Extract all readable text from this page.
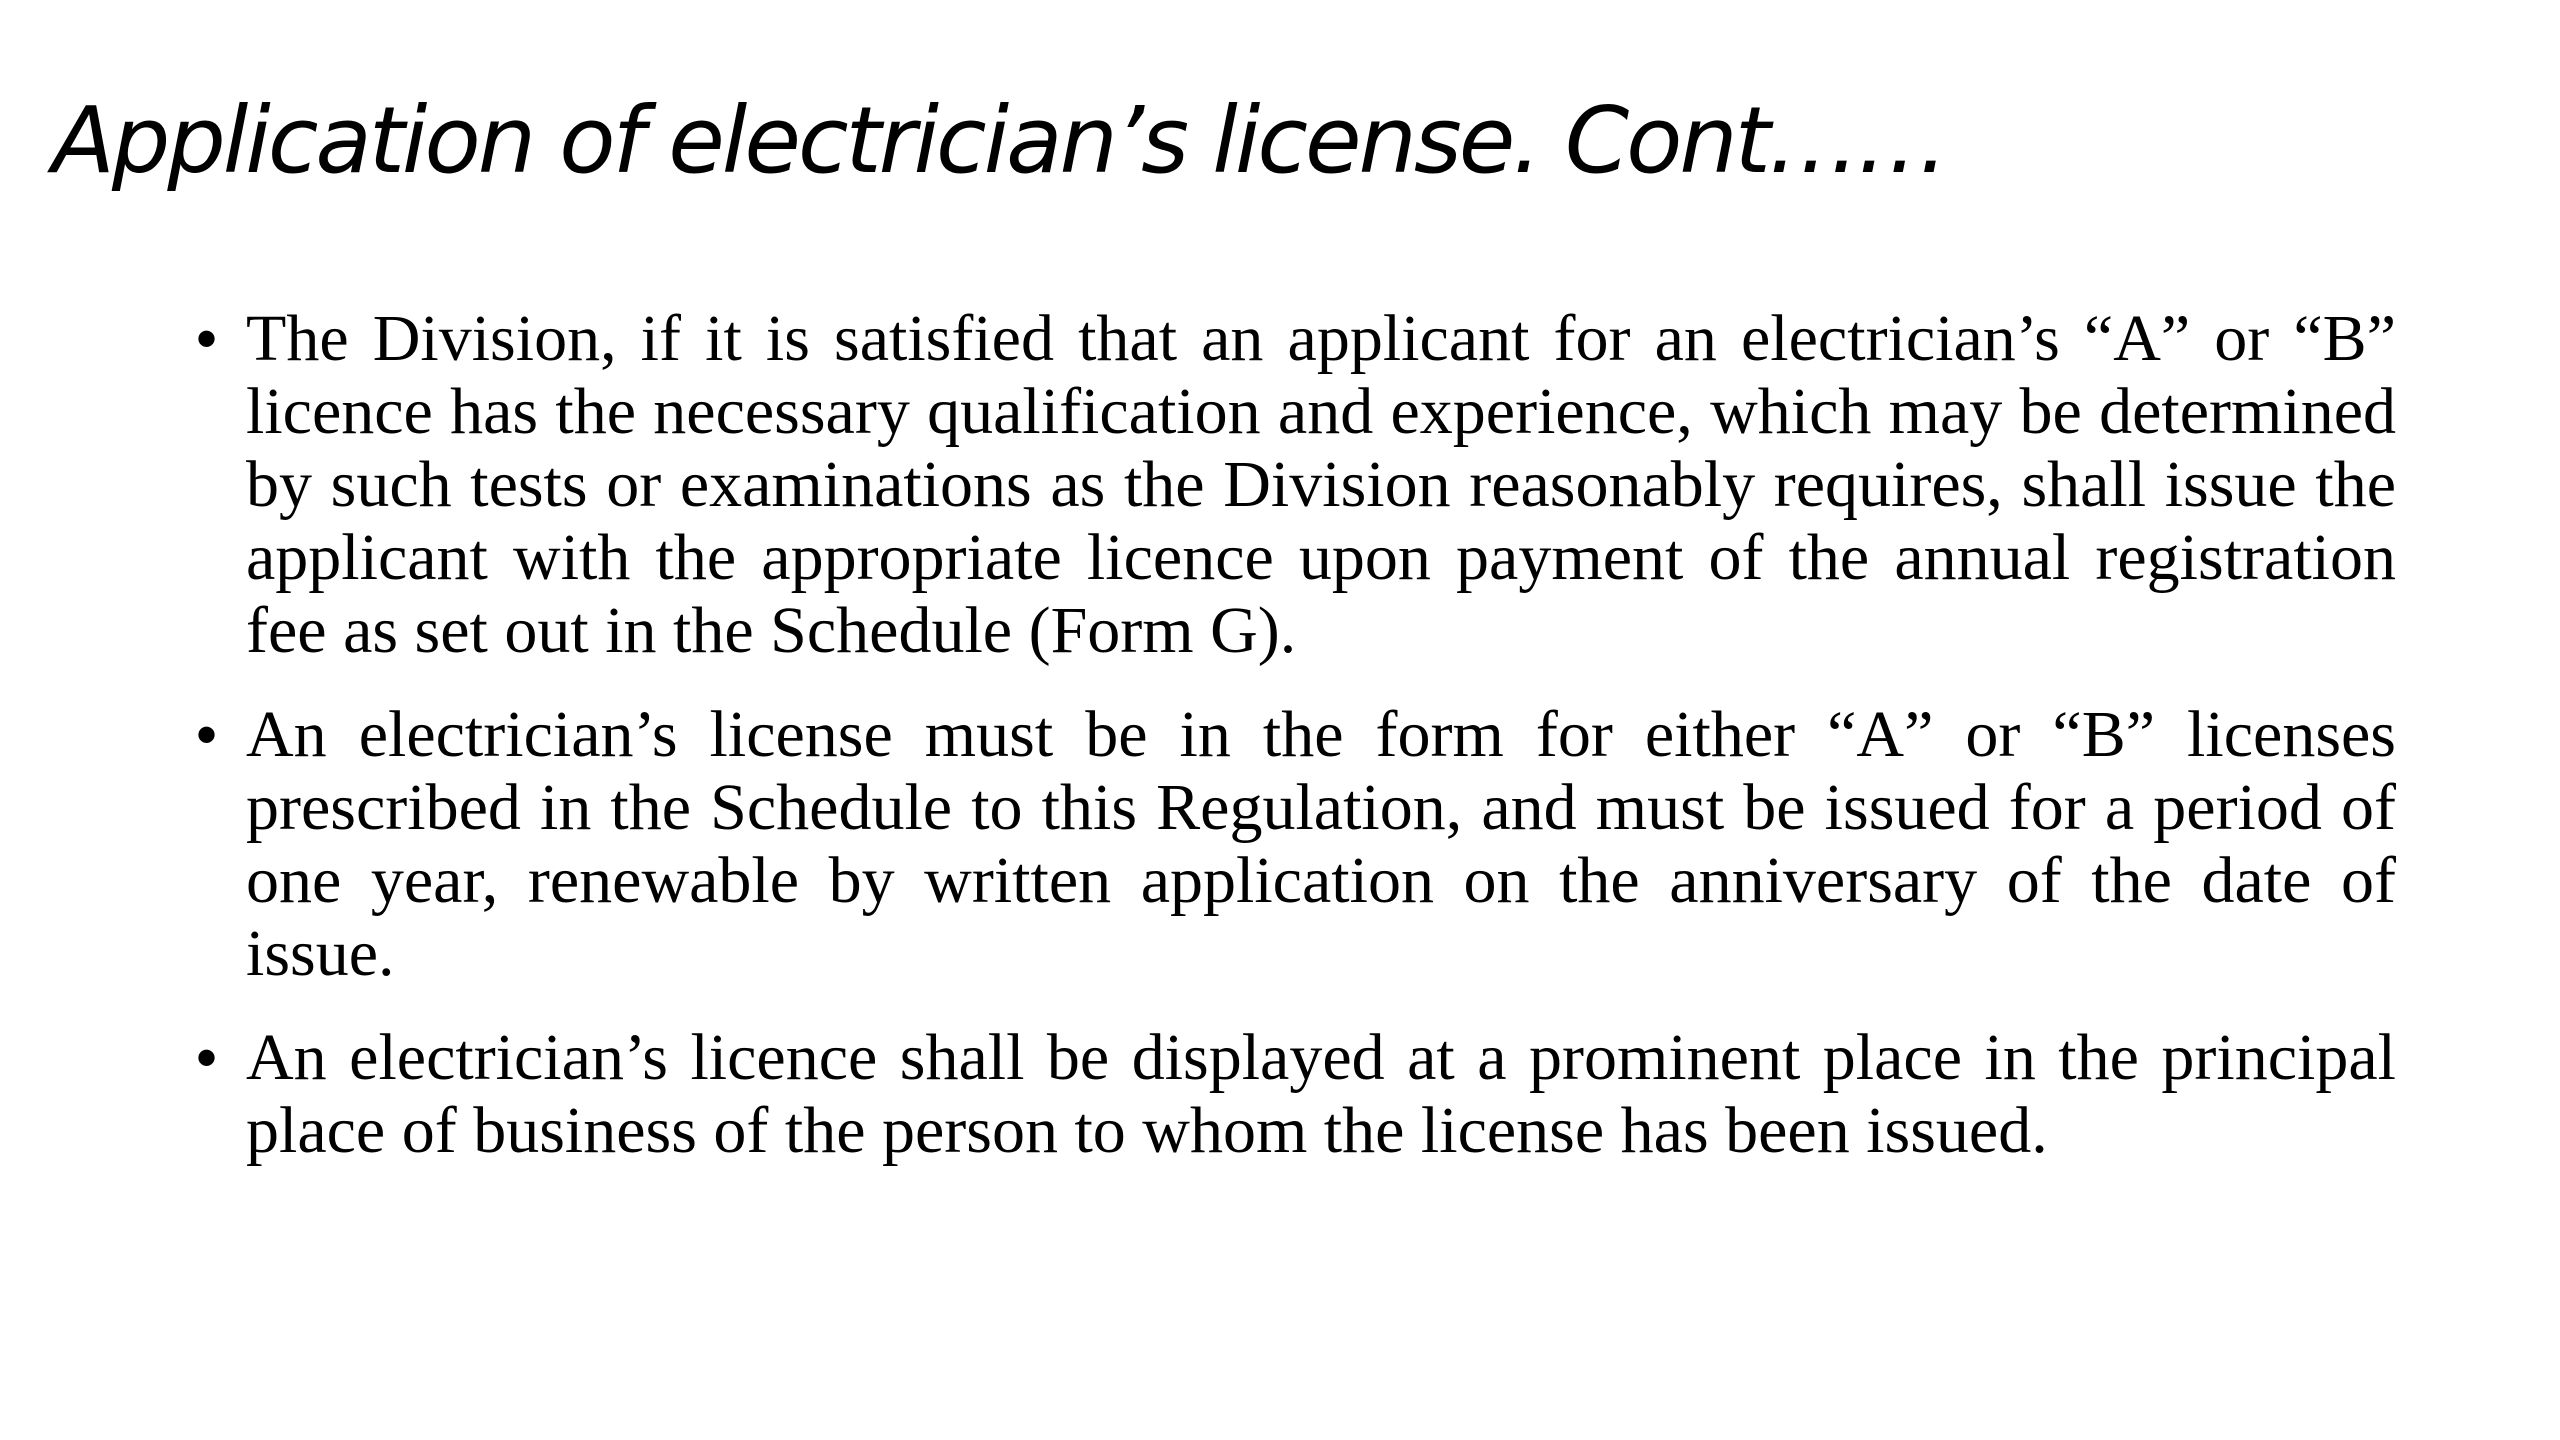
Application of electrician’s license. Cont……
• The Division, if it is satisfied that an applicant for an electrician’s “A” or “B” licence has the necessary qualification and experience, which may be determined by such tests or examinations as the Division reasonably requires, shall issue the applicant with the appropriate licence upon payment of the annual registration fee as set out in the Schedule (Form G).
• An electrician’s license must be in the form for either “A” or “B” licenses prescribed in the Schedule to this Regulation, and must be issued for a period of one year, renewable by written application on the anniversary of the date of issue.
• An electrician’s licence shall be displayed at a prominent place in the principal place of business of the person to whom the license has been issued.
